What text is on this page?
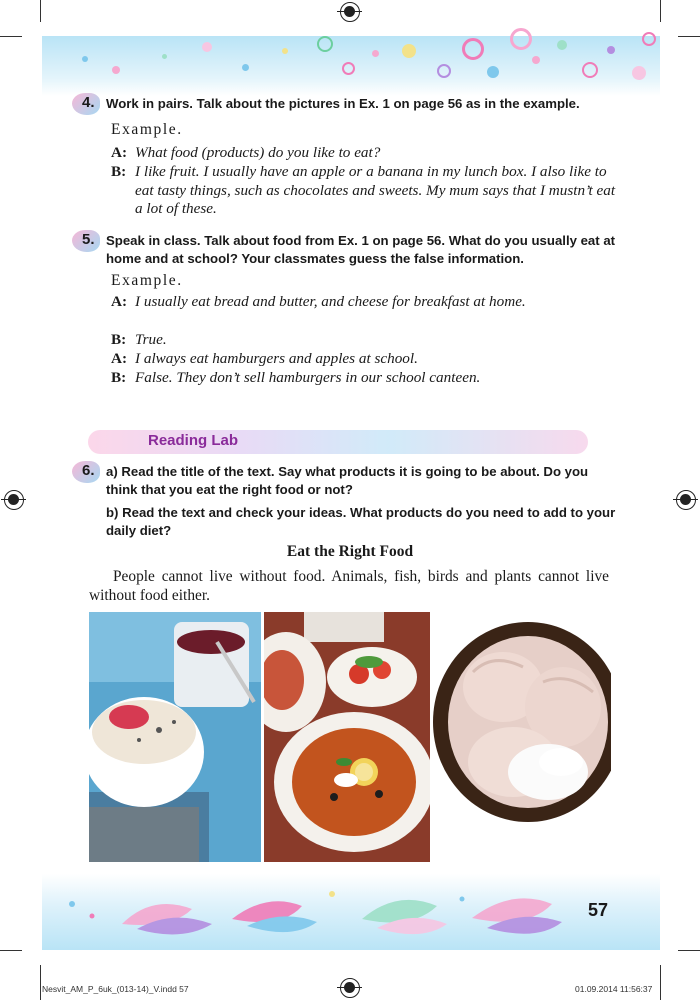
4. Work in pairs. Talk about the pictures in Ex. 1 on page 56 as in the example.
Example.
A: What food (products) do you like to eat?
B: I like fruit. I usually have an apple or a banana in my lunch box. I also like to eat tasty things, such as chocolates and sweets. My mum says that I mustn’t eat a lot of these.
5. Speak in class. Talk about food from Ex. 1 on page 56. What do you usually eat at home and at school? Your classmates guess the false information.
Example.
A: I usually eat bread and butter, and cheese for breakfast at home.
B: True.
A: I always eat hamburgers and apples at school.
B: False. They don’t sell hamburgers in our school canteen.
Reading Lab
6. a) Read the title of the text. Say what products it is going to be about. Do you think that you eat the right food or not?
b) Read the text and check your ideas. What products do you need to add to your daily diet?
Eat the Right Food
People cannot live without food. Animals, fish, birds and plants cannot live without food either.
57
Nesvit_AM_P_6uk_(013-14)_V.indd 57	01.09.2014 11:56:37
